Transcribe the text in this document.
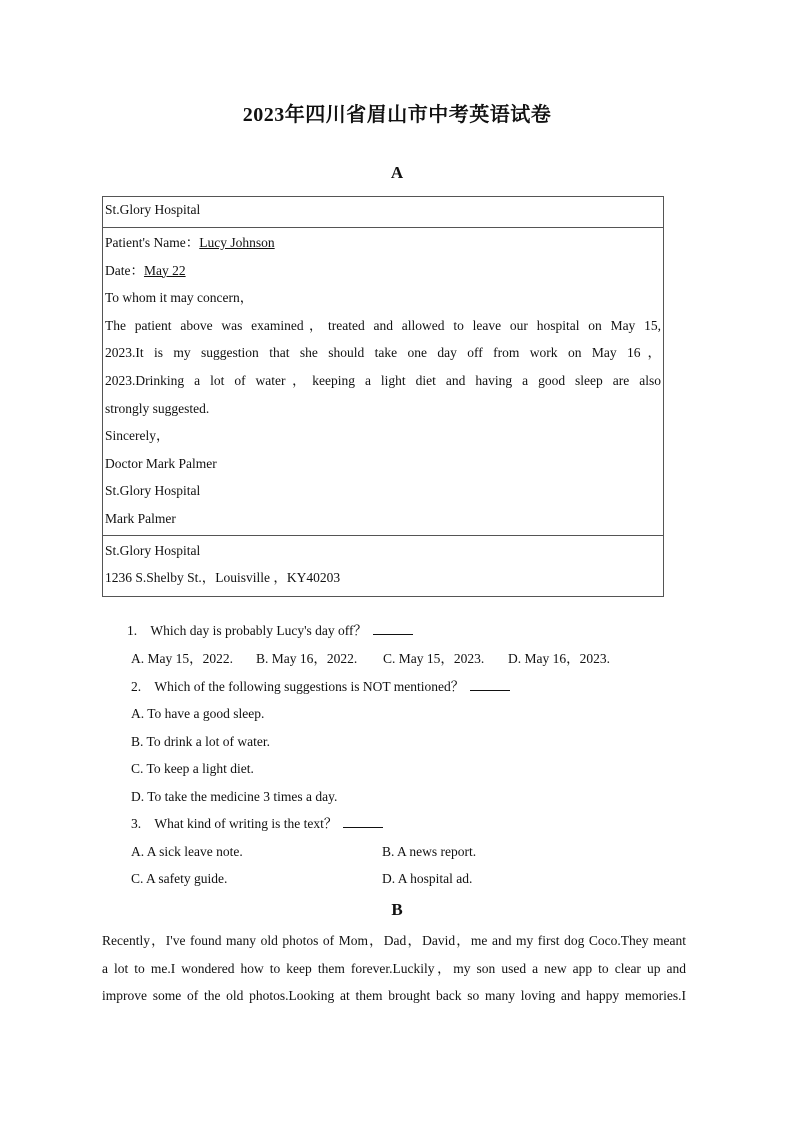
2023年四川省眉山市中考英语试卷
A
St.Glory Hospital
Patient's Name：Lucy Johnson
Date：May 22
To whom it may concern，
The patient above was examined，treated and allowed to leave our hospital on May 15,
2023.It is my suggestion that she should take one day off from work on May 16，
2023.Drinking a lot of water，keeping a light diet and having a good sleep are also
strongly suggested.
Sincerely，
Doctor Mark Palmer
St.Glory Hospital
Mark Palmer
St.Glory Hospital
1236 S.Shelby St.，Louisville ，KY40203
1. Which day is probably Lucy's day off？
A. May 15，2022. B. May 16，2022. C. May 15，2023. D. May 16，2023.
2. Which of the following suggestions is NOT mentioned？
A. To have a good sleep.
B. To drink a lot of water.
C. To keep a light diet.
D. To take the medicine 3 times a day.
3. What kind of writing is the text？
A. A sick leave note.	B. A news report.
C. A safety guide.	D. A hospital ad.
B
Recently，I've found many old photos of Mom，Dad，David，me and my first dog Coco.They meant
a lot to me.I wondered how to keep them forever.Luckily，my son used a new app to clear up and
improve some of the old photos.Looking at them brought back so many loving and happy memories.I
